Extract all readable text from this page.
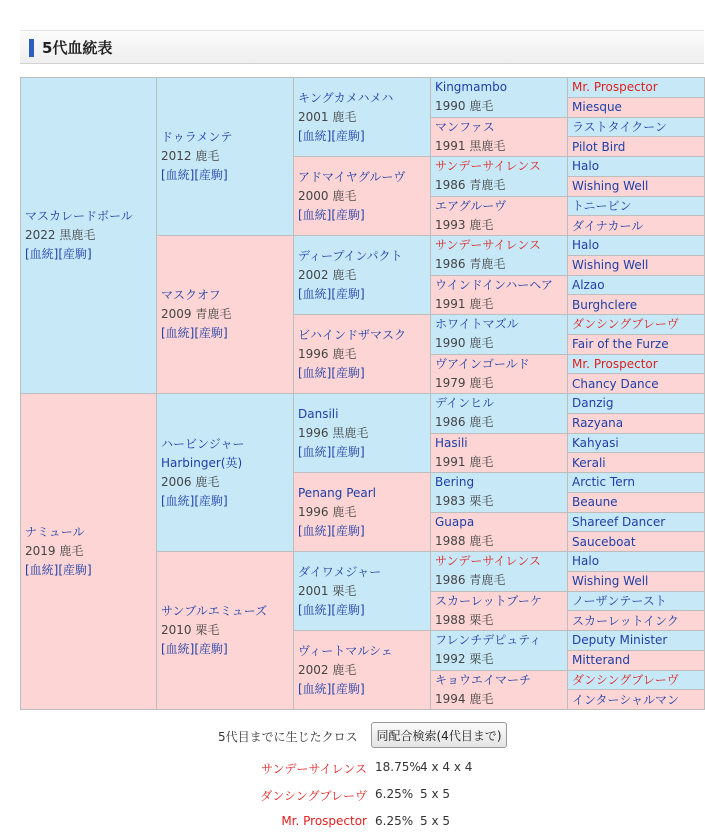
5代血統表
マスカレードボール
2022 黒鹿毛
[血統][産駒]	ドゥラメンテ
2012 鹿毛
[血統][産駒]	キングカメハメハ
2001 鹿毛
[血統][産駒]	Kingmambo
1990 鹿毛	Mr. Prospector

				Miesque

			マンファス
1991 黒鹿毛	ラストタイクーン

				Pilot Bird

		アドマイヤグルーヴ
2000 鹿毛
[血統][産駒]	サンデーサイレンス
1986 青鹿毛	Halo

				Wishing Well

			エアグルーヴ
1993 鹿毛	トニービン

				ダイナカール

	マスクオフ
2009 青鹿毛
[血統][産駒]	ディープインパクト
2002 鹿毛
[血統][産駒]	サンデーサイレンス
1986 青鹿毛	Halo

				Wishing Well

			ウインドインハーヘア
1991 鹿毛	Alzao

				Burghclere

		ビハインドザマスク
1996 鹿毛
[血統][産駒]	ホワイトマズル
1990 鹿毛	ダンシングブレーヴ

				Fair of the Furze

			ヴアインゴールド
1979 鹿毛	Mr. Prospector

				Chancy Dance

ナミュール
2019 鹿毛
[血統][産駒]	ハービンジャー
Harbinger(英)
2006 鹿毛
[血統][産駒]	Dansili
1996 黒鹿毛
[血統][産駒]	デインヒル
1986 鹿毛	Danzig

				Razyana

			Hasili
1991 鹿毛	Kahyasi

				Kerali

		Penang Pearl
1996 鹿毛
[血統][産駒]	Bering
1983 栗毛	Arctic Tern

				Beaune

			Guapa
1988 鹿毛	Shareef Dancer

				Sauceboat

	サンブルエミューズ
2010 栗毛
[血統][産駒]	ダイワメジャー
2001 栗毛
[血統][産駒]	サンデーサイレンス
1986 青鹿毛	Halo

				Wishing Well

			スカーレットブーケ
1988 栗毛	ノーザンテースト

				スカーレットインク

		ヴィートマルシェ
2002 鹿毛
[血統][産駒]	フレンチデピュティ
1992 栗毛	Deputy Minister

				Mitterand

			キョウエイマーチ
1994 鹿毛	ダンシングブレーヴ

				インターシャルマン
5代目までに生じたクロス	同配合検索(4代目まで)
サンデーサイレンス 18.75% 4 x 4 x 4
ダンシングブレーヴ 6.25% 5 x 5
Mr. Prospector 6.25% 5 x 5
